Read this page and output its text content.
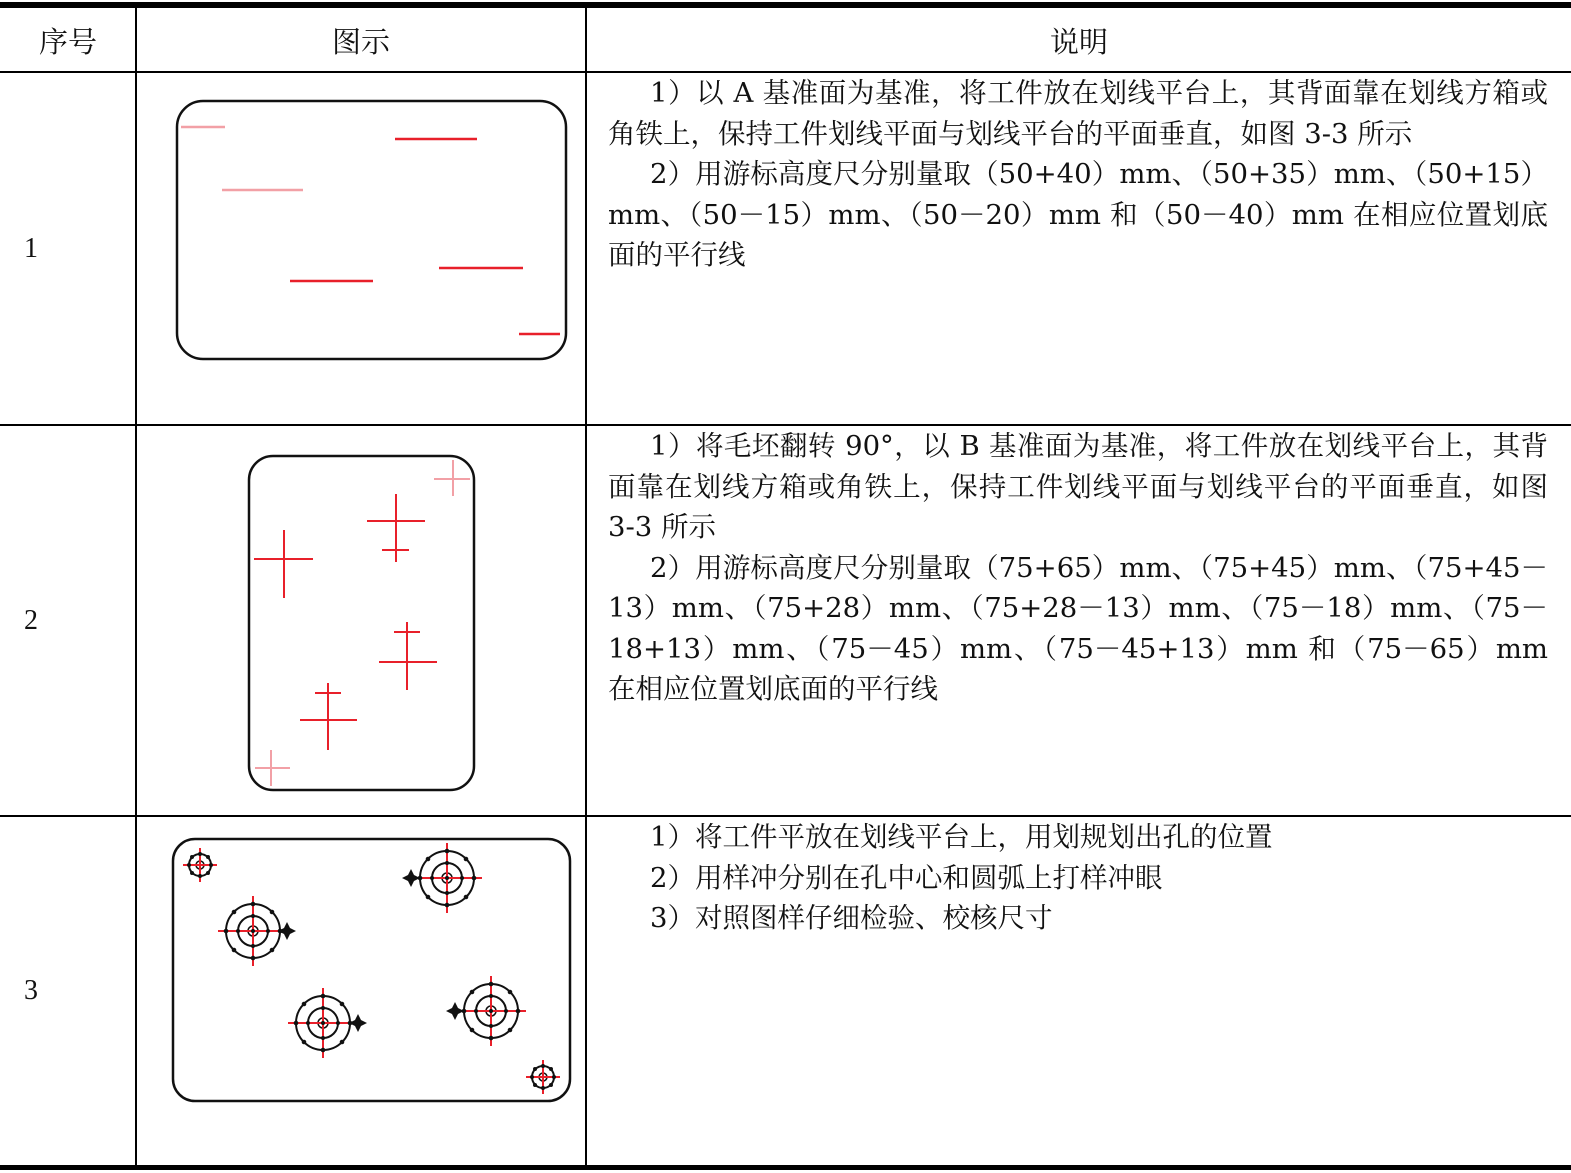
序号	图示	说明
1

1）以 A 基准面为基准，将工件放在划线平台上，其背面靠在划线方箱或角铁上，保持工件划线平面与划线平台的平面垂直，如图 3-3 所示

2）用游标高度尺分别量取（50+40）mm、（50+35）mm、（50+15）mm、（50－15）mm、（50－20）mm 和（50－40）mm 在相应位置划底面的平行线

2

1）将毛坯翻转 90°，以 B 基准面为基准，将工件放在划线平台上，其背面靠在划线方箱或角铁上，保持工件划线平面与划线平台的平面垂直，如图 3-3 所示

2）用游标高度尺分别量取（75+65）mm、（75+45）mm、（75+45－13）mm、（75+28）mm、（75+28－13）mm、（75－18）mm、（75－18+13）mm、（75－45）mm、（75－45+13）mm 和（75－65）mm 在相应位置划底面的平行线

3

1）将工件平放在划线平台上，用划规划出孔的位置

2）用样冲分别在孔中心和圆弧上打样冲眼

3）对照图样仔细检验、校核尺寸
